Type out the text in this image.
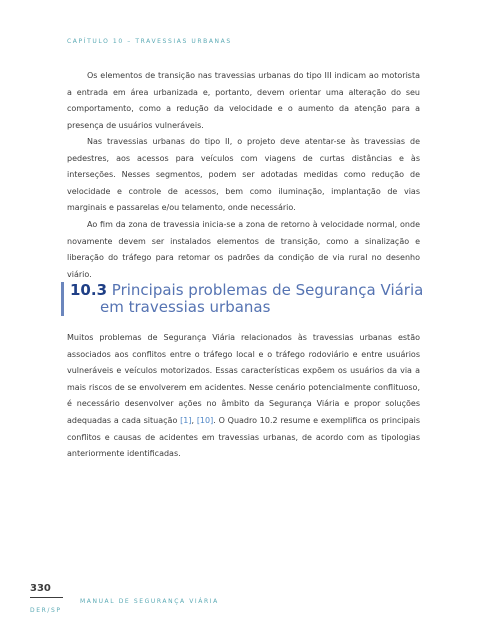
CAPÍTULO 10 – TRAVESSIAS URBANAS

Os elementos de transição nas travessias urbanas do tipo III indicam ao motorista a entrada em área urbanizada e, portanto, devem orientar uma alteração do seu comportamento, como a redução da velocidade e o aumento da atenção para a presença de usuários vulneráveis.

Nas travessias urbanas do tipo II, o projeto deve atentar-se às travessias de pedestres, aos acessos para veículos com viagens de curtas distâncias e às interseções. Nesses segmentos, podem ser adotadas medidas como redução de velocidade e controle de acessos, bem como iluminação, implantação de vias marginais e passarelas e/ou telamento, onde necessário.

Ao fim da zona de travessia inicia-se a zona de retorno à velocidade normal, onde novamente devem ser instalados elementos de transição, como a sinalização e liberação do tráfego para retomar os padrões da condição de via rural no desenho viário.

10.3 Principais problemas de Segurança Viária
em travessias urbanas

Muitos problemas de Segurança Viária relacionados às travessias urbanas estão associados aos conflitos entre o tráfego local e o tráfego rodoviário e entre usuários vulneráveis e veículos motorizados. Essas características expõem os usuários da via a mais riscos de se envolverem em acidentes. Nesse cenário potencialmente conflituoso, é necessário desenvolver ações no âmbito da Segurança Viária e propor soluções adequadas a cada situação [1], [10]. O Quadro 10.2 resume e exemplifica os principais conflitos e causas de acidentes em travessias urbanas, de acordo com as tipologias anteriormente identificadas.

330
MANUAL DE SEGURANÇA VIÁRIA
DER/SP
